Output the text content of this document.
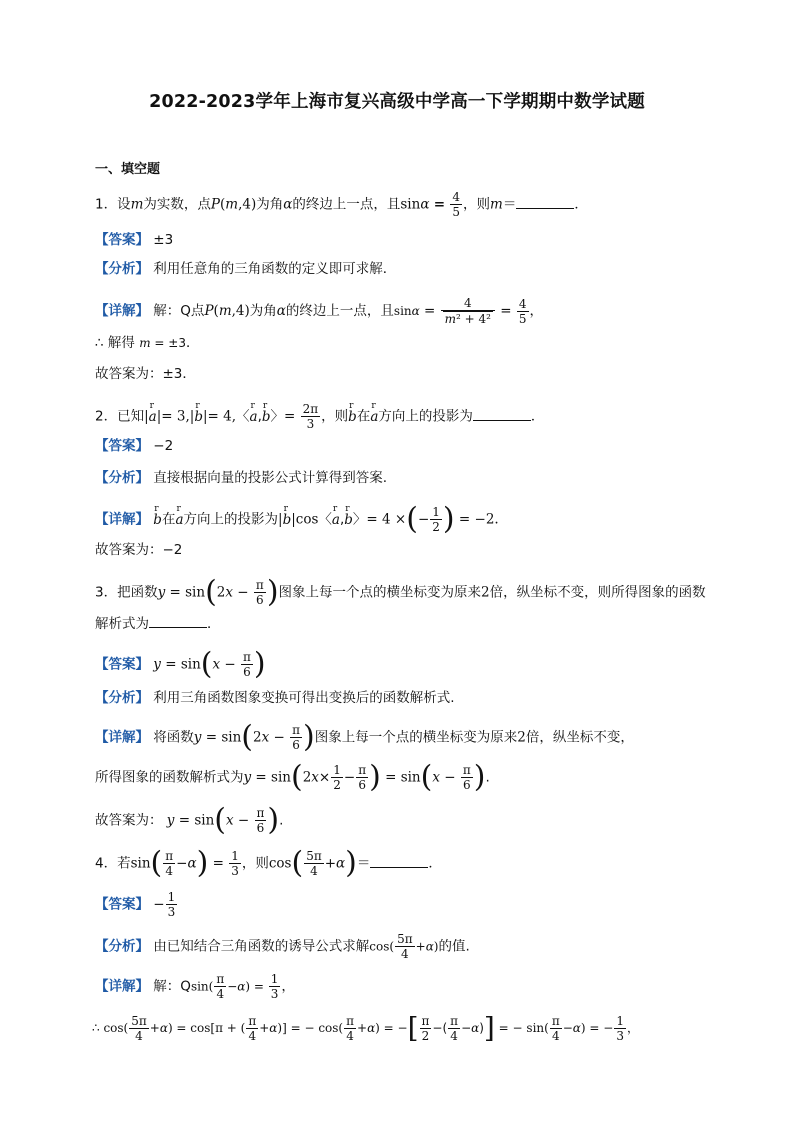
2022-2023学年上海市复兴高级中学高一下学期期中数学试题
一、填空题
1．设m为实数，点P(m,4)为角α的终边上一点，且$\sin\alpha = \frac{4}{5}$ ，则m＝	．
【答案】 ±3
【分析】 利用任意角的三角函数的定义即可求解．
【详解】 解：Q点P(m,4)为角α的终边上一点，且$\sin\alpha = \frac{4}{\text{m² + 4²}} = \frac{4}{5}$ ，
∴ 解得 m = ±3．
故答案为：±3．
2．已知|r a|= 3,|r b|= 4,〈r a,r b〉= $\frac{2\pi}{3}$ ，则r b在r a方向上的投影为	．
【答案】 −2
【分析】 直接根据向量的投影公式计算得到答案.
【详解】 r b在r a方向上的投影为|r b|cos〈r a,r b〉= 4 ×(− $\frac{1}{2}$ ) = −2.
故答案为：−2
3．把函数$y = \sin(2x - \frac{\pi}{6}$ )图象上每一个点的横坐标变为原来2倍，纵坐标不变，则所得图象的函数
解析式为	．
【答案】 $y = \sin(x - \frac{\pi}{6}$ )
【分析】 利用三角函数图象变换可得出变换后的函数解析式.
【详解】 将函数$y = \sin(2x - \frac{\pi}{6}$ )图象上每一个点的横坐标变为原来2倍，纵坐标不变，
所得图象的函数解析式为$y = \sin(2x\times \frac{1}{2} - \frac{\pi}{6}$ ) = $\sin(x - \frac{\pi}{6}$ ).
故答案为： $y = \sin(x - \frac{\pi}{6}$ ).
4．若$\sin( \frac{\pi}{4} -\alpha) = \frac{1}{3}$ ，则$\cos( \frac{5\pi}{4} +\alpha)=$	．
【答案】 − $\frac{1}{3}$
【分析】 由已知结合三角函数的诱导公式求解$\cos( \frac{5\pi}{4} +\alpha)$的值.
【详解】 解：$Qsin( \frac{\pi}{4} -\alpha) = \frac{1}{3}$ ，
∴ $\cos( \frac{5\pi}{4} +\alpha) = \cos[\pi$ + ( $\frac{\pi}{4} +\alpha$)] = − $\cos( \frac{\pi}{4} +\alpha)$ = −[ $\frac{\pi}{2}$ −( $\frac{\pi}{4} -\alpha$)] = − $\sin( \frac{\pi}{4} -\alpha)$ = − $\frac{1}{3}$ ，
